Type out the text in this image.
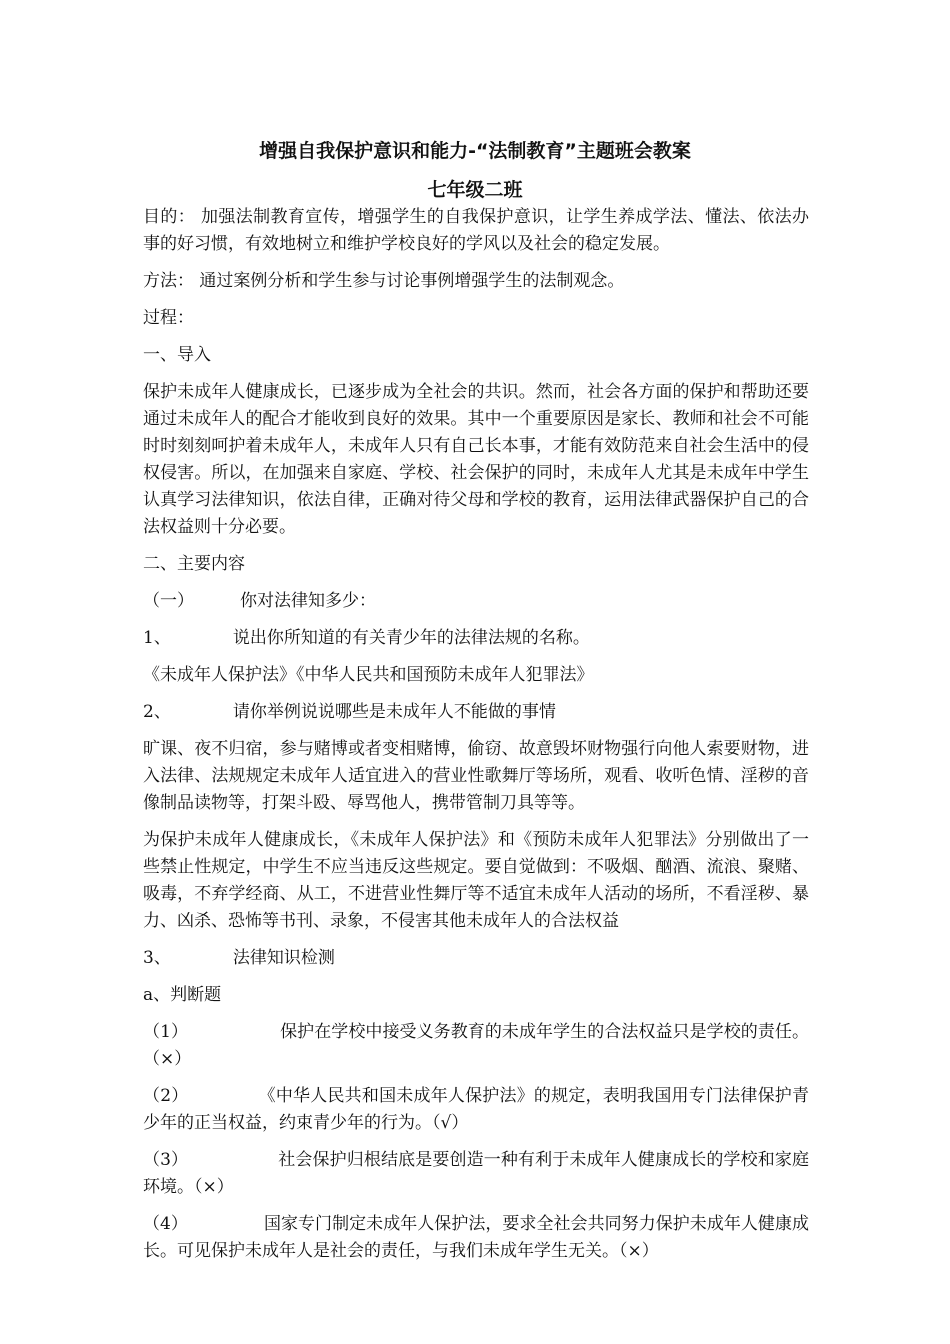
增强自我保护意识和能力-“法制教育”主题班会教案
七年级二班

目的： 加强法制教育宣传，增强学生的自我保护意识，让学生养成学法、懂法、依法办事的好习惯，有效地树立和维护学校良好的学风以及社会的稳定发展。

方法： 通过案例分析和学生参与讨论事例增强学生的法制观念。

过程：

一、导入

保护未成年人健康成长，已逐步成为全社会的共识。然而，社会各方面的保护和帮助还要通过未成年人的配合才能收到良好的效果。其中一个重要原因是家长、教师和社会不可能时时刻刻呵护着未成年人，未成年人只有自己长本事，才能有效防范来自社会生活中的侵权侵害。所以，在加强来自家庭、学校、社会保护的同时，未成年人尤其是未成年中学生认真学习法律知识，依法自律，正确对待父母和学校的教育，运用法律武器保护自己的合法权益则十分必要。

二、主要内容

（一）	你对法律知多少：

1、	说出你所知道的有关青少年的法律法规的名称。

《未成年人保护法》《中华人民共和国预防未成年人犯罪法》

2、	请你举例说说哪些是未成年人不能做的事情

旷课、夜不归宿，参与赌博或者变相赌博，偷窃、故意毁坏财物强行向他人索要财物，进入法律、法规规定未成年人适宜进入的营业性歌舞厅等场所，观看、收听色情、淫秽的音像制品读物等，打架斗殴、辱骂他人，携带管制刀具等等。

为保护未成年人健康成长，《未成年人保护法》和《预防未成年人犯罪法》分别做出了一些禁止性规定，中学生不应当违反这些规定。要自觉做到：不吸烟、酗酒、流浪、聚赌、吸毒，不弃学经商、从工，不进营业性舞厅等不适宜未成年人活动的场所，不看淫秽、暴力、凶杀、恐怖等书刊、录象，不侵害其他未成年人的合法权益

3、	法律知识检测

a、判断题

（1）	保护在学校中接受义务教育的未成年学生的合法权益只是学校的责任。（×）

（2）	《中华人民共和国未成年人保护法》的规定，表明我国用专门法律保护青少年的正当权益，约束青少年的行为。（√）

（3）	社会保护归根结底是要创造一种有利于未成年人健康成长的学校和家庭环境。（×）

（4）	国家专门制定未成年人保护法，要求全社会共同努力保护未成年人健康成长。可见保护未成年人是社会的责任，与我们未成年学生无关。（×）
